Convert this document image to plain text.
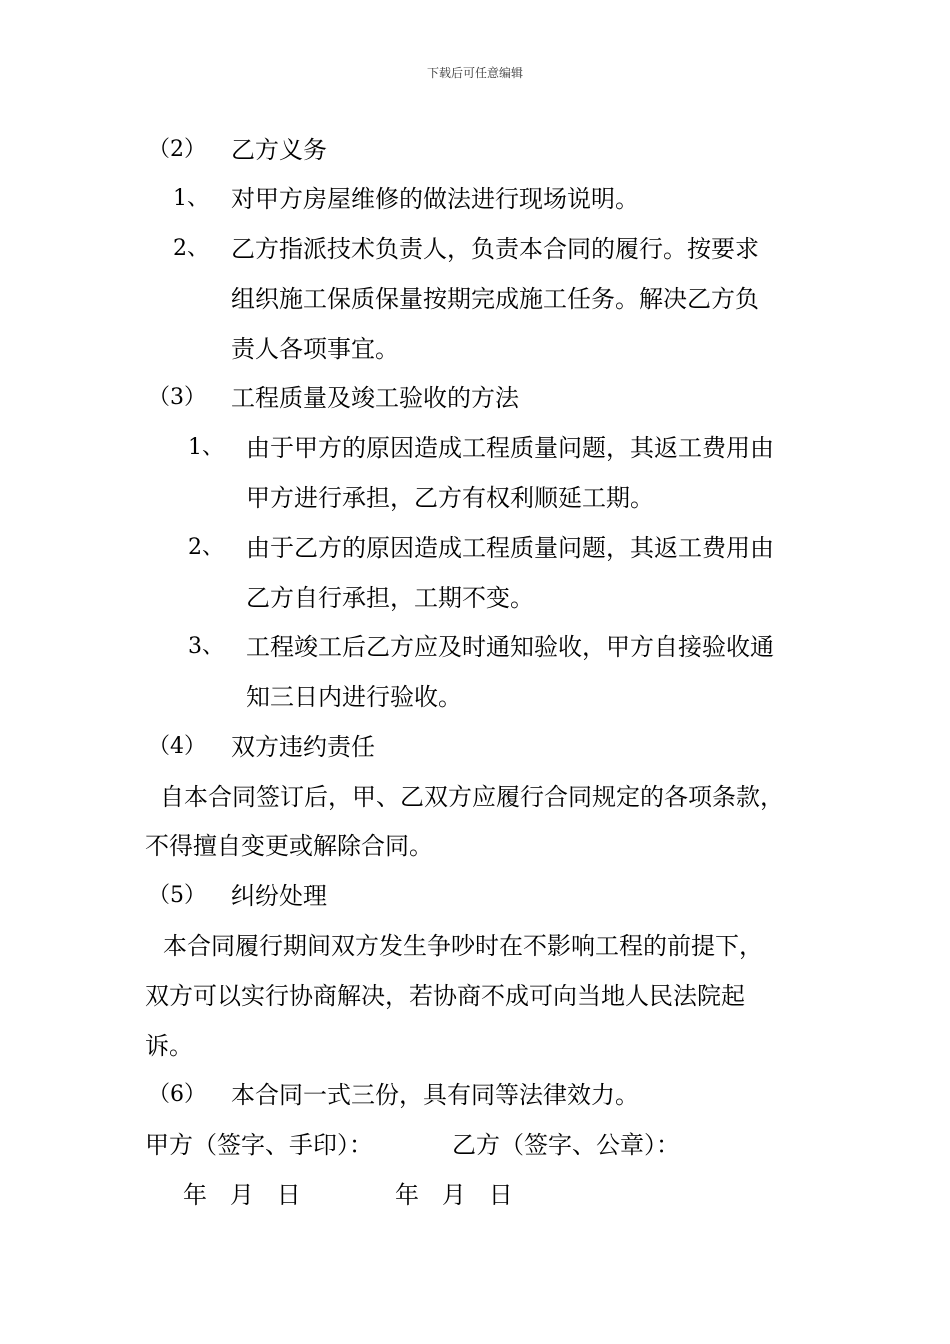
下载后可任意编辑
（2） 乙方义务
1、 对甲方房屋维修的做法进行现场说明。
2、 乙方指派技术负责人，负责本合同的履行。按要求
组织施工保质保量按期完成施工任务。解决乙方负
责人各项事宜。
（3） 工程质量及竣工验收的方法
1、 由于甲方的原因造成工程质量问题，其返工费用由
甲方进行承担，乙方有权利顺延工期。
2、 由于乙方的原因造成工程质量问题，其返工费用由
乙方自行承担，工期不变。
3、 工程竣工后乙方应及时通知验收，甲方自接验收通
知三日内进行验收。
（4） 双方违约责任
自本合同签订后，甲、乙双方应履行合同规定的各项条款，
不得擅自变更或解除合同。
（5） 纠纷处理
本合同履行期间双方发生争吵时在不影响工程的前提下，
双方可以实行协商解决，若协商不成可向当地人民法院起
诉。
（6） 本合同一式三份，具有同等法律效力。
甲方（签字、手印）：	乙方（签字、公章）：
年   月   日	年   月   日
